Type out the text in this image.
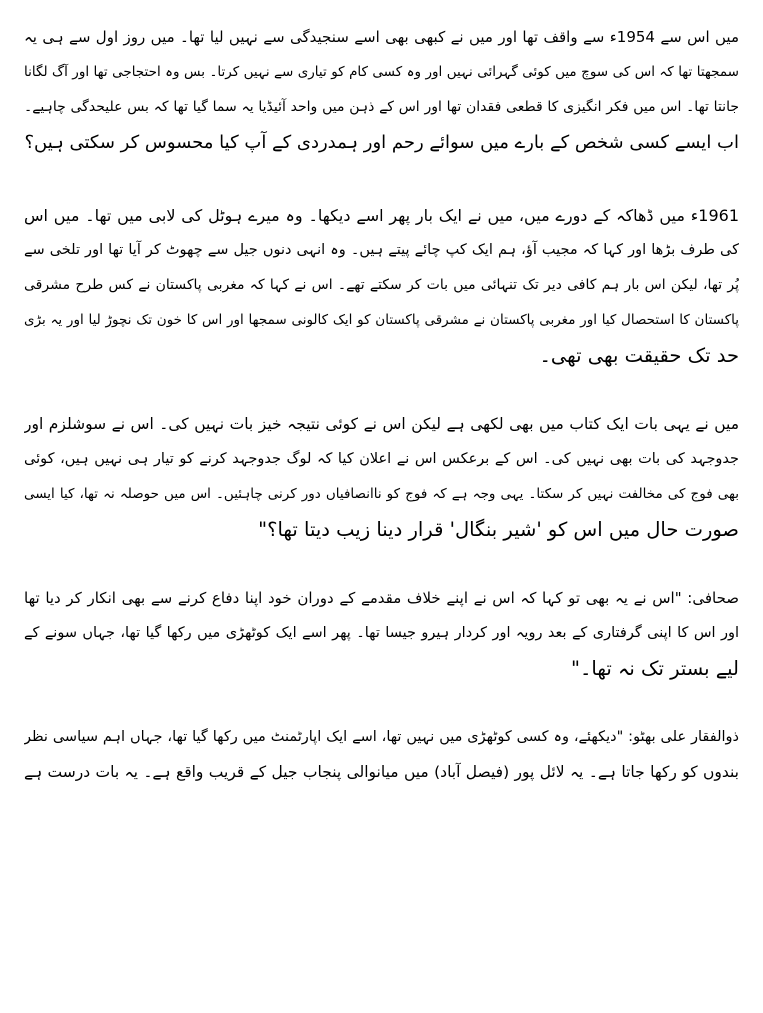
میں اس سے 1954ء سے واقف تھا اور میں نے کبھی بھی اسے سنجیدگی سے نہیں لیا تھا۔ میں روز اول سے ہی یہ
سمجھتا تھا کہ اس کی سوچ میں کوئی گہرائی نہیں اور وہ کسی کام کو تیاری سے نہیں کرتا۔ بس وہ احتجاجی تھا اور آگ لگانا
جانتا تھا۔ اس میں فکر انگیزی کا قطعی فقدان تھا اور اس کے ذہن میں واحد آئیڈیا یہ سما گیا تھا کہ بس علیحدگی چاہیے۔
اب ایسے کسی شخص کے بارے میں سوائے رحم اور ہمدردی کے آپ کیا محسوس کر سکتی ہیں؟
1961ء میں ڈھاکہ کے دورے میں، میں نے ایک بار پھر اسے دیکھا۔ وہ میرے ہوٹل کی لابی میں تھا۔ میں اس
کی طرف بڑھا اور کہا کہ مجیب آؤ، ہم ایک کپ چائے پیتے ہیں۔ وہ انہی دنوں جیل سے چھوٹ کر آیا تھا اور تلخی سے
پُر تھا، لیکن اس بار ہم کافی دیر تک تنہائی میں بات کر سکتے تھے۔ اس نے کہا کہ مغربی پاکستان نے کس طرح مشرقی
پاکستان کا استحصال کیا اور مغربی پاکستان نے مشرقی پاکستان کو ایک کالونی سمجھا اور اس کا خون تک نچوڑ لیا اور یہ بڑی
حد تک حقیقت بھی تھی۔
میں نے یہی بات ایک کتاب میں بھی لکھی ہے لیکن اس نے کوئی نتیجہ خیز بات نہیں کی۔ اس نے سوشلزم اور
جدوجہد کی بات بھی نہیں کی۔ اس کے برعکس اس نے اعلان کیا کہ لوگ جدوجہد کرنے کو تیار ہی نہیں ہیں، کوئی
بھی فوج کی مخالفت نہیں کر سکتا۔ یہی وجہ ہے کہ فوج کو ناانصافیاں دور کرنی چاہئیں۔ اس میں حوصلہ نہ تھا، کیا ایسی
صورت حال میں اس کو 'شیر بنگال' قرار دینا زیب دیتا تھا؟"
صحافی: "اس نے یہ بھی تو کہا کہ اس نے اپنے خلاف مقدمے کے دوران خود اپنا دفاع کرنے سے بھی انکار کر دیا تھا
اور اس کا اپنی گرفتاری کے بعد رویہ اور کردار ہیرو جیسا تھا۔ پھر اسے ایک کوٹھڑی میں رکھا گیا تھا، جہاں سونے کے
لیے بستر تک نہ تھا۔"
ذوالفقار علی بھٹو: "دیکھئے، وہ کسی کوٹھڑی میں نہیں تھا، اسے ایک اپارٹمنٹ میں رکھا گیا تھا، جہاں اہم سیاسی نظر
بندوں کو رکھا جاتا ہے۔ یہ لائل پور (فیصل آباد) میں میانوالی پنجاب جیل کے قریب واقع ہے۔ یہ بات درست ہے
